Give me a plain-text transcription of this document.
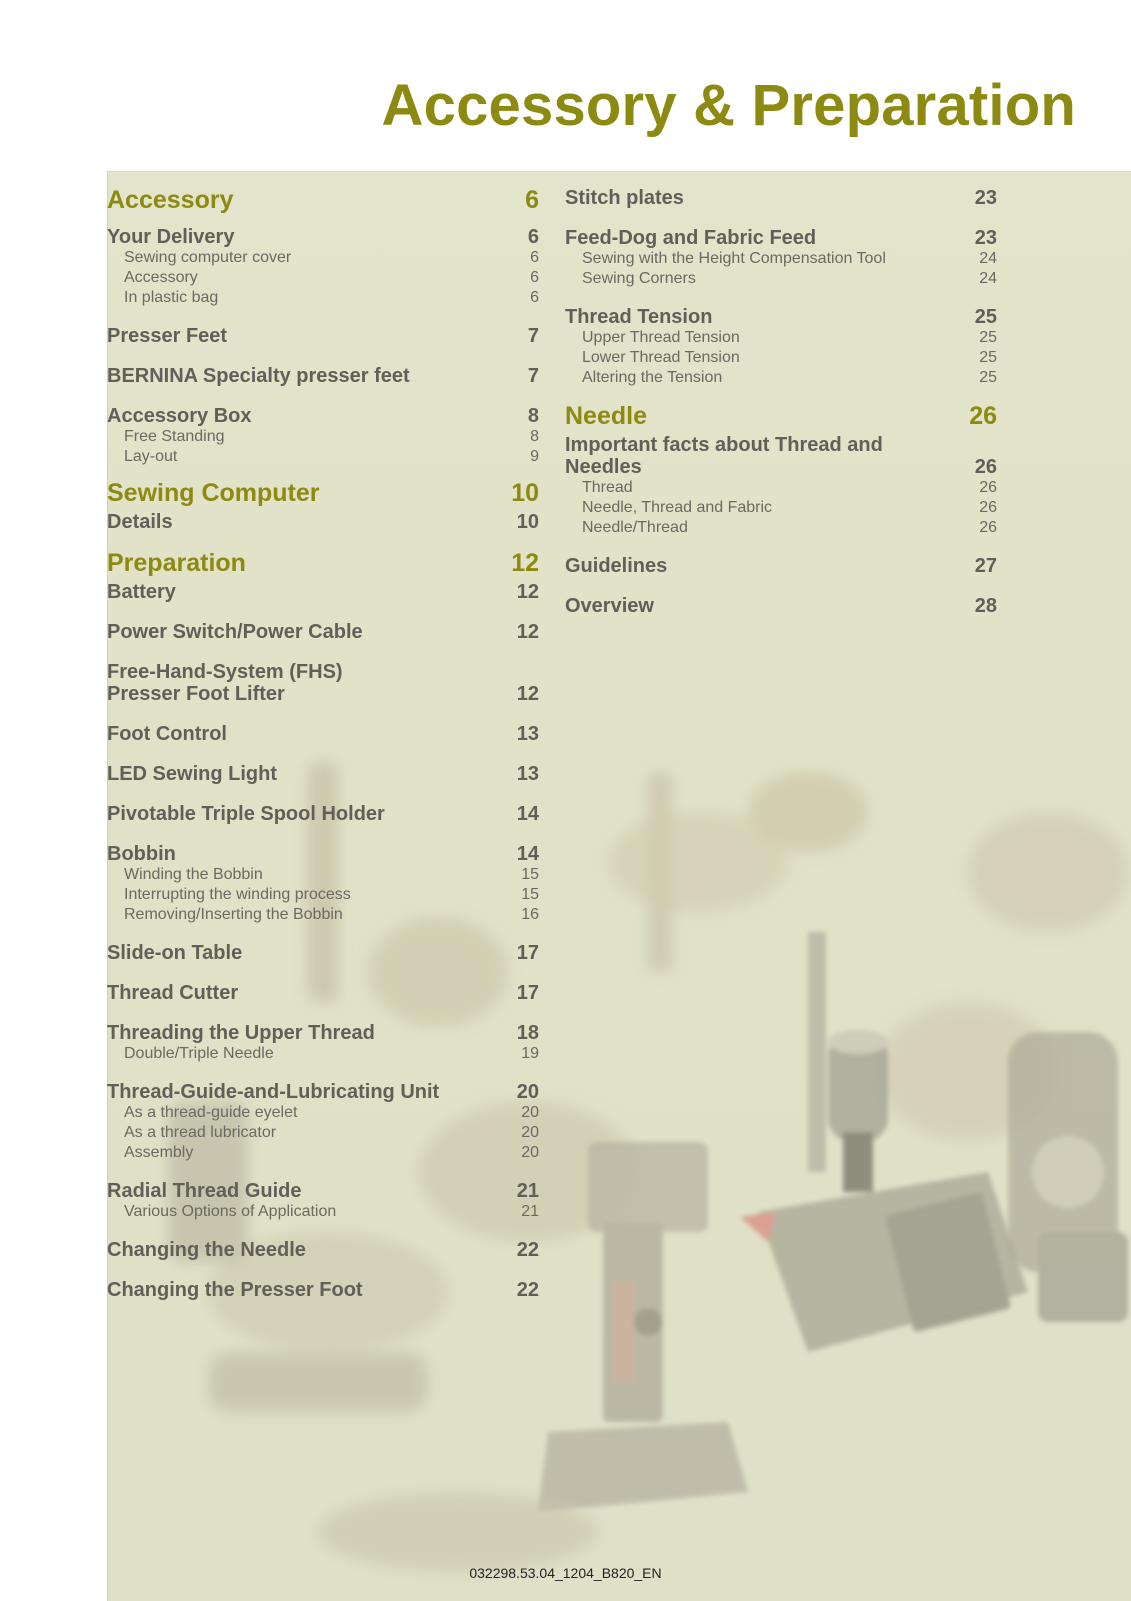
Accessory & Preparation
Accessory	6
Your Delivery	6
Sewing computer cover	6
Accessory	6
In plastic bag	6
Presser Feet	7
BERNINA Specialty presser feet	7
Accessory Box	8
Free Standing	8
Lay-out	9
Sewing Computer	10
Details	10
Preparation	12
Battery	12
Power Switch/Power Cable	12
Free-Hand-System (FHS)
Presser Foot Lifter	12
Foot Control	13
LED Sewing Light	13
Pivotable Triple Spool Holder	14
Bobbin	14
Winding the Bobbin	15
Interrupting the winding process	15
Removing/Inserting the Bobbin	16
Slide-on Table	17
Thread Cutter	17
Threading the Upper Thread	18
Double/Triple Needle	19
Thread-Guide-and-Lubricating Unit	20
As a thread-guide eyelet	20
As a thread lubricator	20
Assembly	20
Radial Thread Guide	21
Various Options of Application	21
Changing the Needle	22
Changing the Presser Foot	22
Stitch plates	23
Feed-Dog and Fabric Feed	23
Sewing with the Height Compensation Tool	24
Sewing Corners	24
Thread Tension	25
Upper Thread Tension	25
Lower Thread Tension	25
Altering the Tension	25
Needle	26
Important facts about Thread and
Needles	26
Thread	26
Needle, Thread and Fabric	26
Needle/Thread	26
Guidelines	27
Overview	28
032298.53.04_1204_B820_EN
